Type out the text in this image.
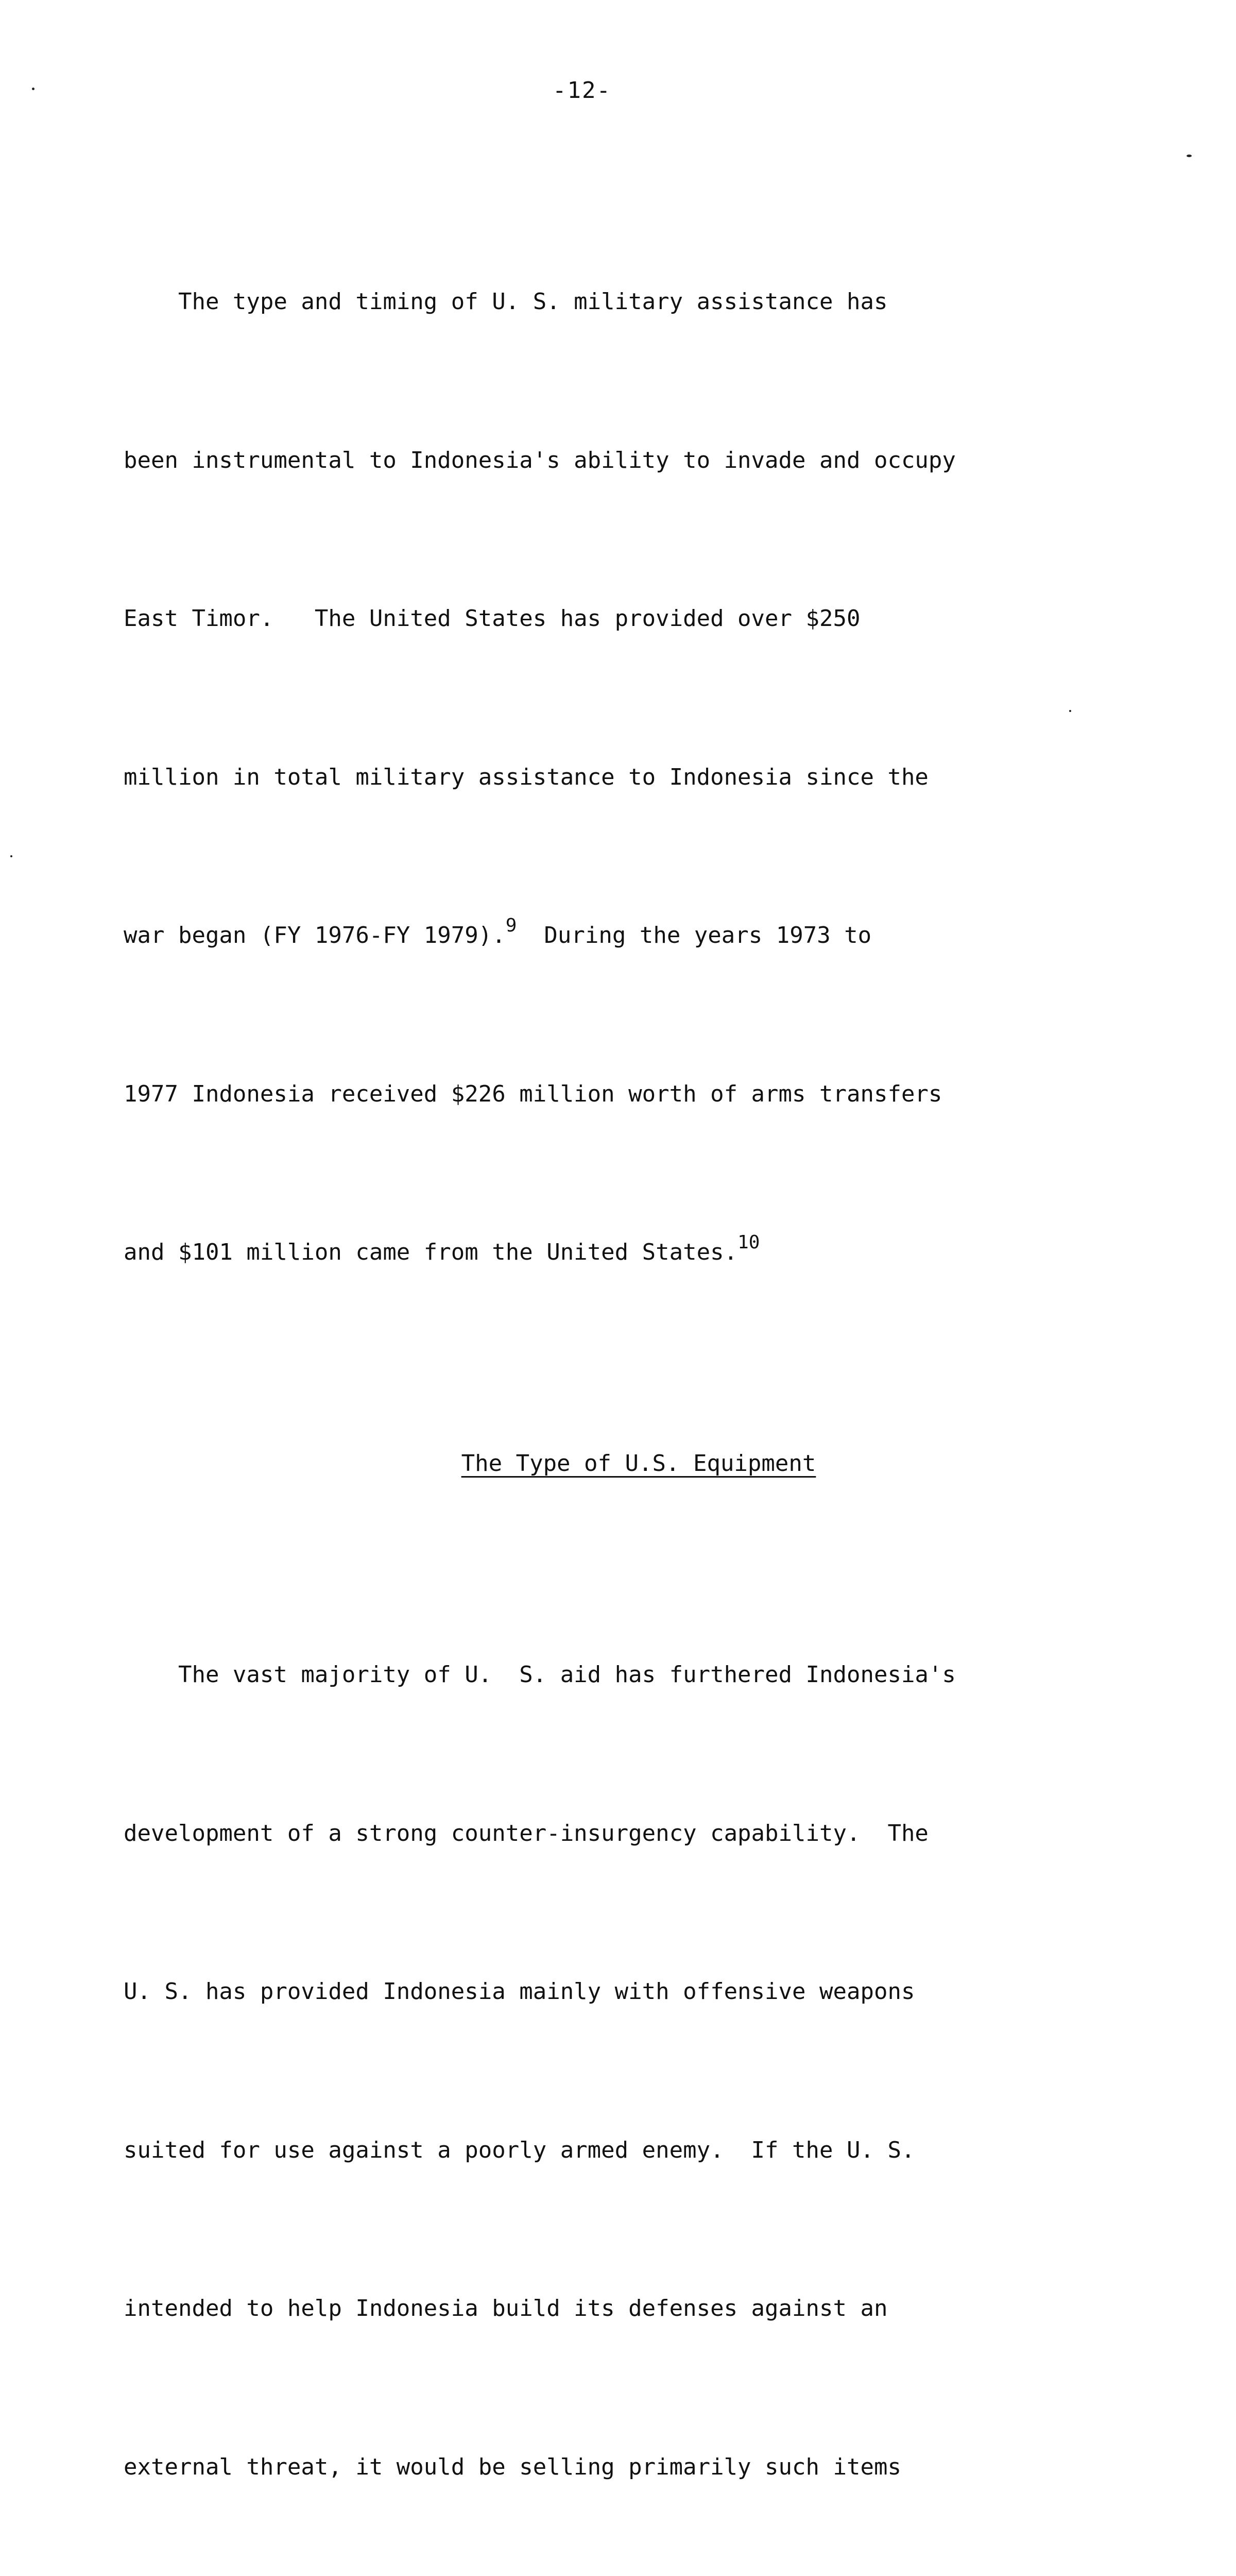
-12-

The type and timing of U. S. military assistance has

been instrumental to Indonesia's ability to invade and occupy

East Timor.   The United States has provided over $250

million in total military assistance to Indonesia since the

war began (FY 1976-FY 1979).$^9$  During the years 1973 to

1977 Indonesia received $226 million worth of arms transfers

and $101 million came from the United States.$^{10}$

The Type of U.S. Equipment

The vast majority of U.  S. aid has furthered Indonesia's

development of a strong counter-insurgency capability.  The

U. S. has provided Indonesia mainly with offensive weapons

suited for use against a poorly armed enemy.  If the U. S.

intended to help Indonesia build its defenses against an

external threat, it would be selling primarily such items
